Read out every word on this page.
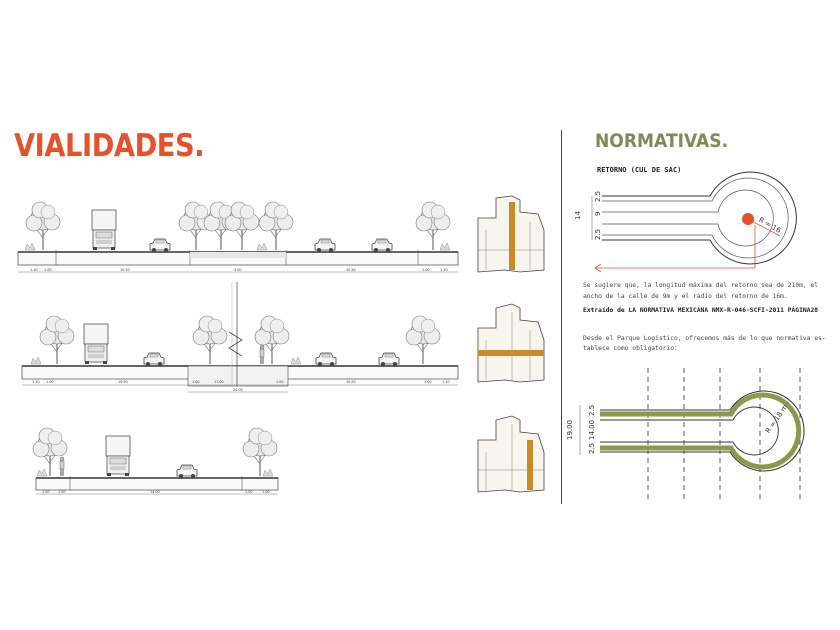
VIALIDADES.	NORMATIVAS.
RETORNO (CUL DE SAC)

Se sugiere que, la longitud máxima del retorno sea de 210m, el
ancho de la calle de 9m y el radio del retorno de 16m.

Extraído de LA NORMATIVA MEXICANA NMX-R-046-SCFI-2011 PÁGINA28

Desde el Parque Logístico, ofrecemos más de lo que normativa es-

tablece como obligatorio:

1.10 1.00	10.50	3.00	10.50	1.00	1.10
1.10 1.00	10.50	1.00	17.00	1.00	10.50	1.00	1.10
20.00
1.00 1.00	14.00	1.00	1.00
R = 16
14
2.5
9
2.5
R = 18 m
19.00
2.5
14.00
2.5
